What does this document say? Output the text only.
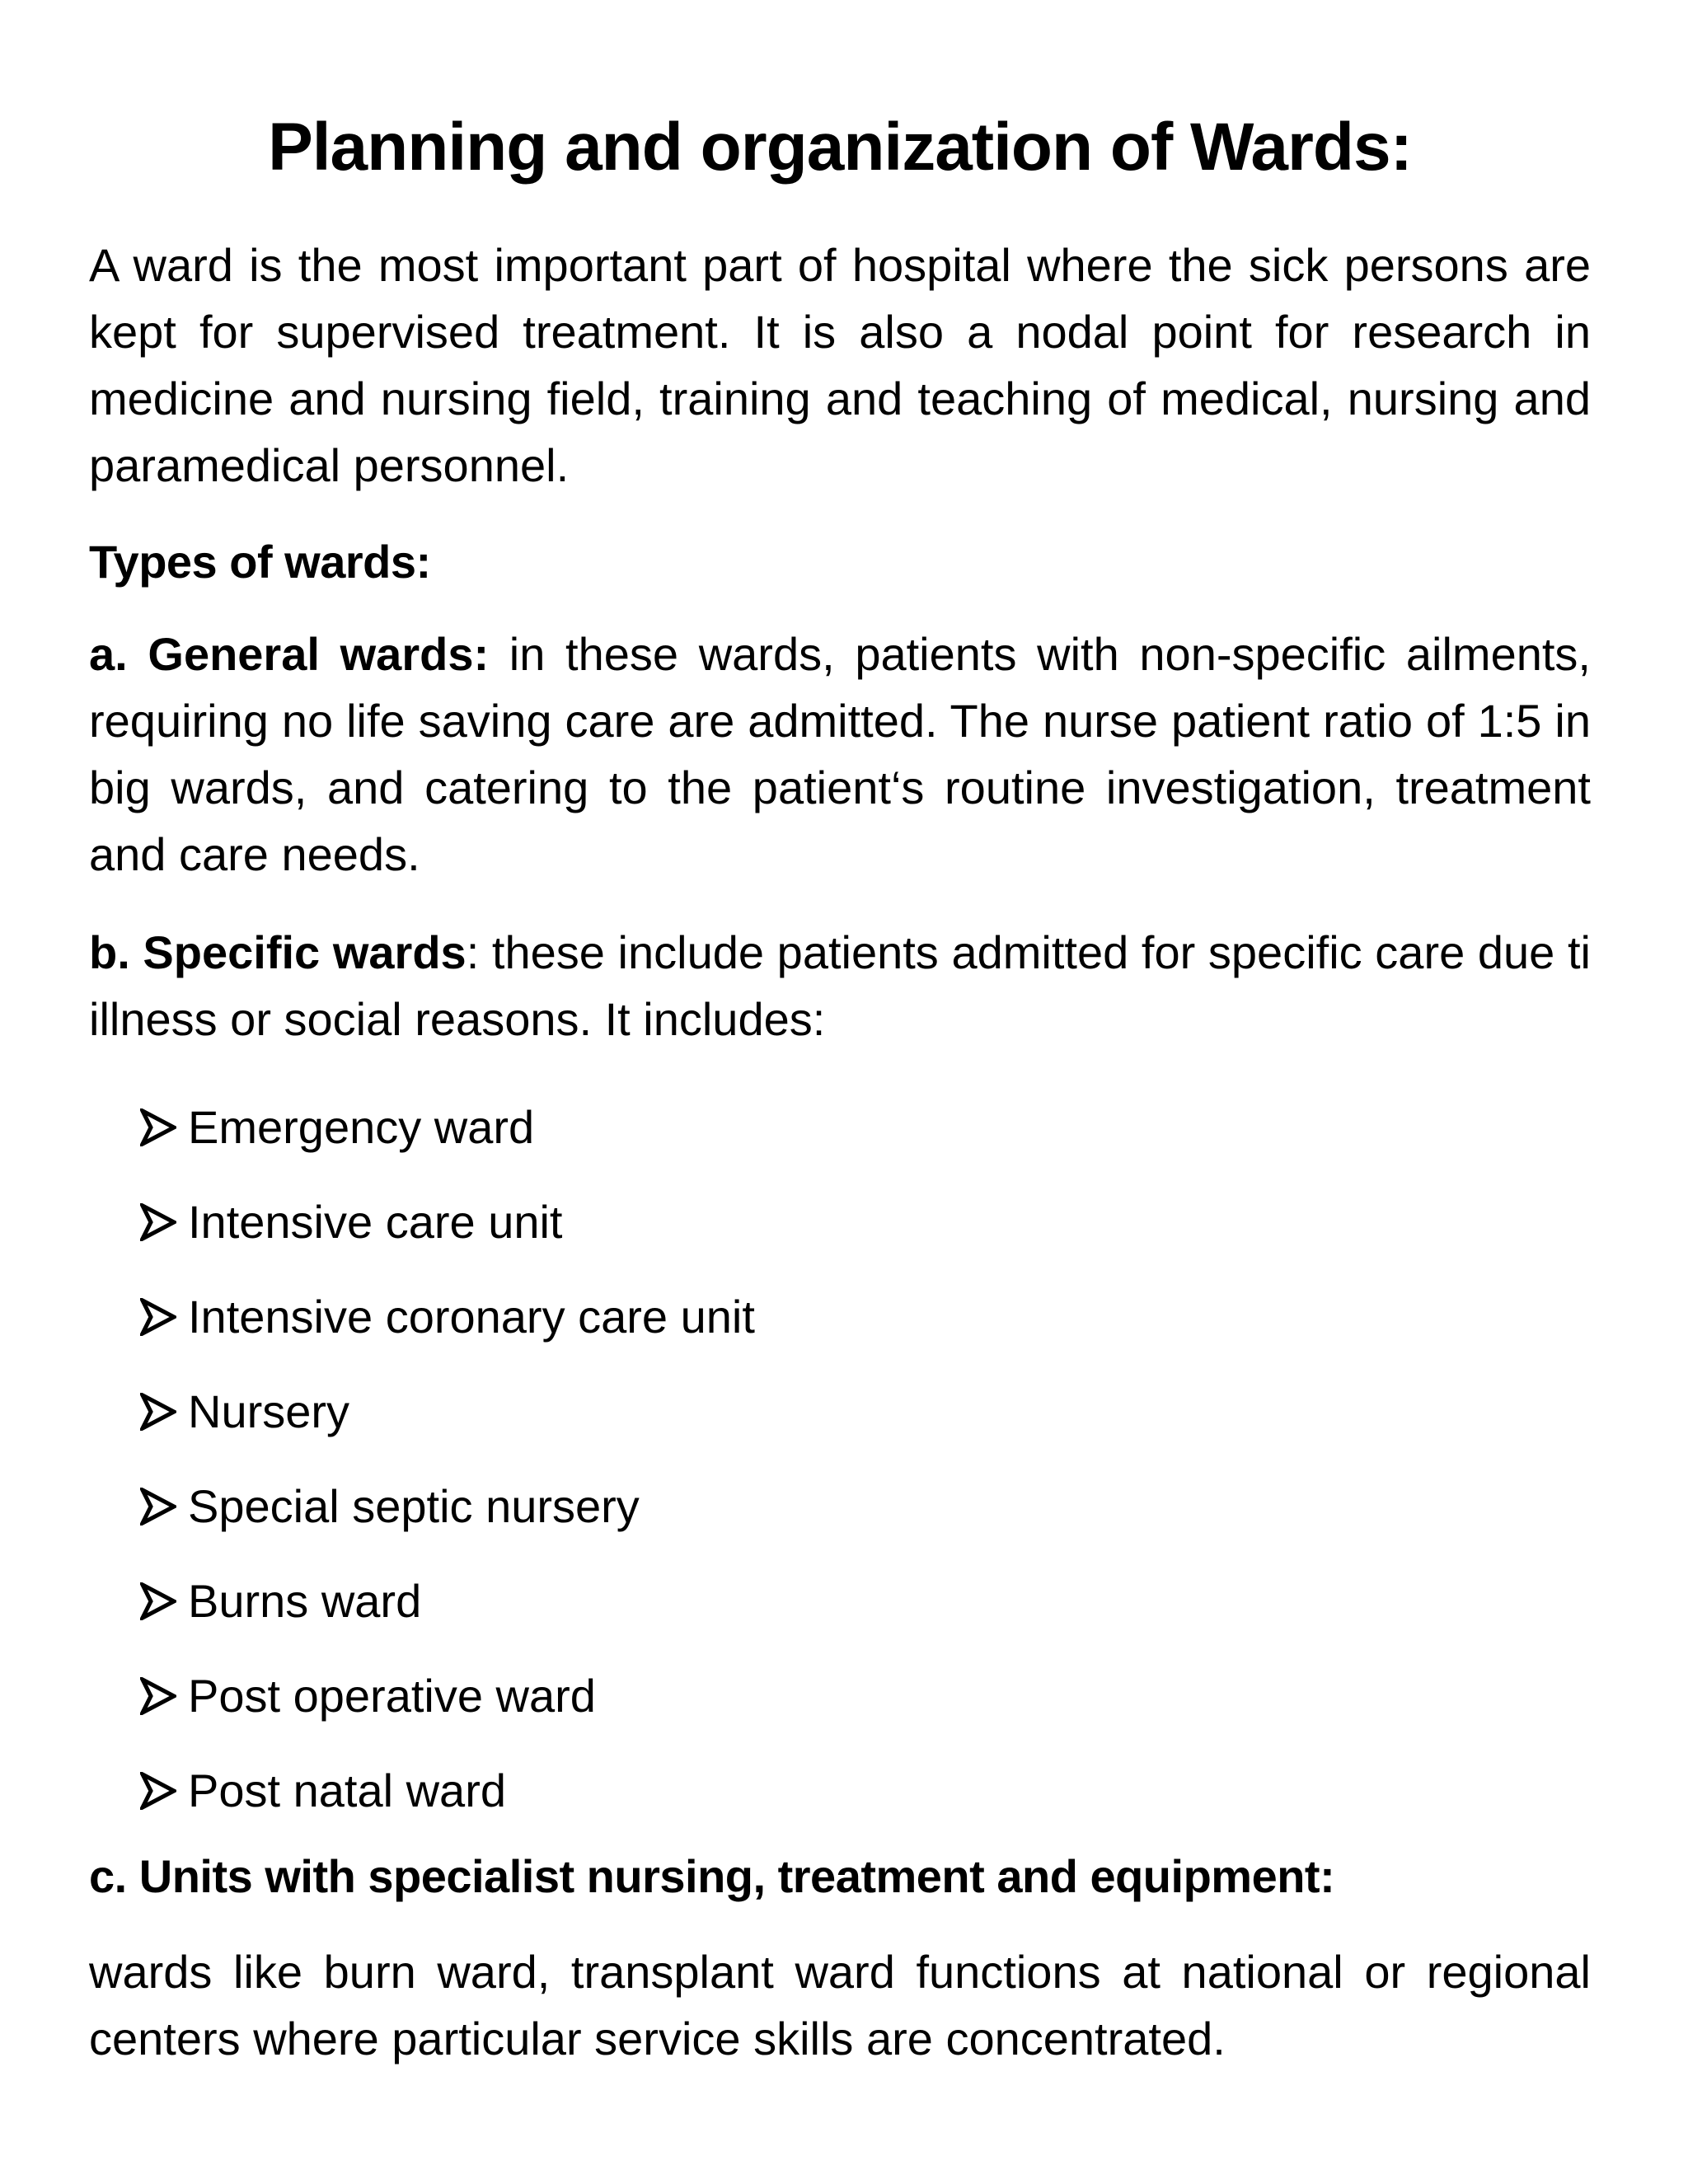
Planning and organization of Wards:

A ward is the most important part of hospital where the sick persons are kept for supervised treatment. It is also a nodal point for research in medicine and nursing field, training and teaching of medical, nursing and paramedical personnel.

Types of wards:

a. General wards: in these wards, patients with non-specific ailments, requiring no life saving care are admitted. The nurse patient ratio of 1:5 in big wards, and catering to the patient‘s routine investigation, treatment and care needs.

b. Specific wards: these include patients admitted for specific care due ti illness or social reasons. It includes:

Emergency ward
Intensive care unit
Intensive coronary care unit
Nursery
Special septic nursery
Burns ward
Post operative ward
Post natal ward
c. Units with specialist nursing, treatment and equipment:

wards like burn ward, transplant ward functions at national or regional centers where particular service skills are concentrated.
